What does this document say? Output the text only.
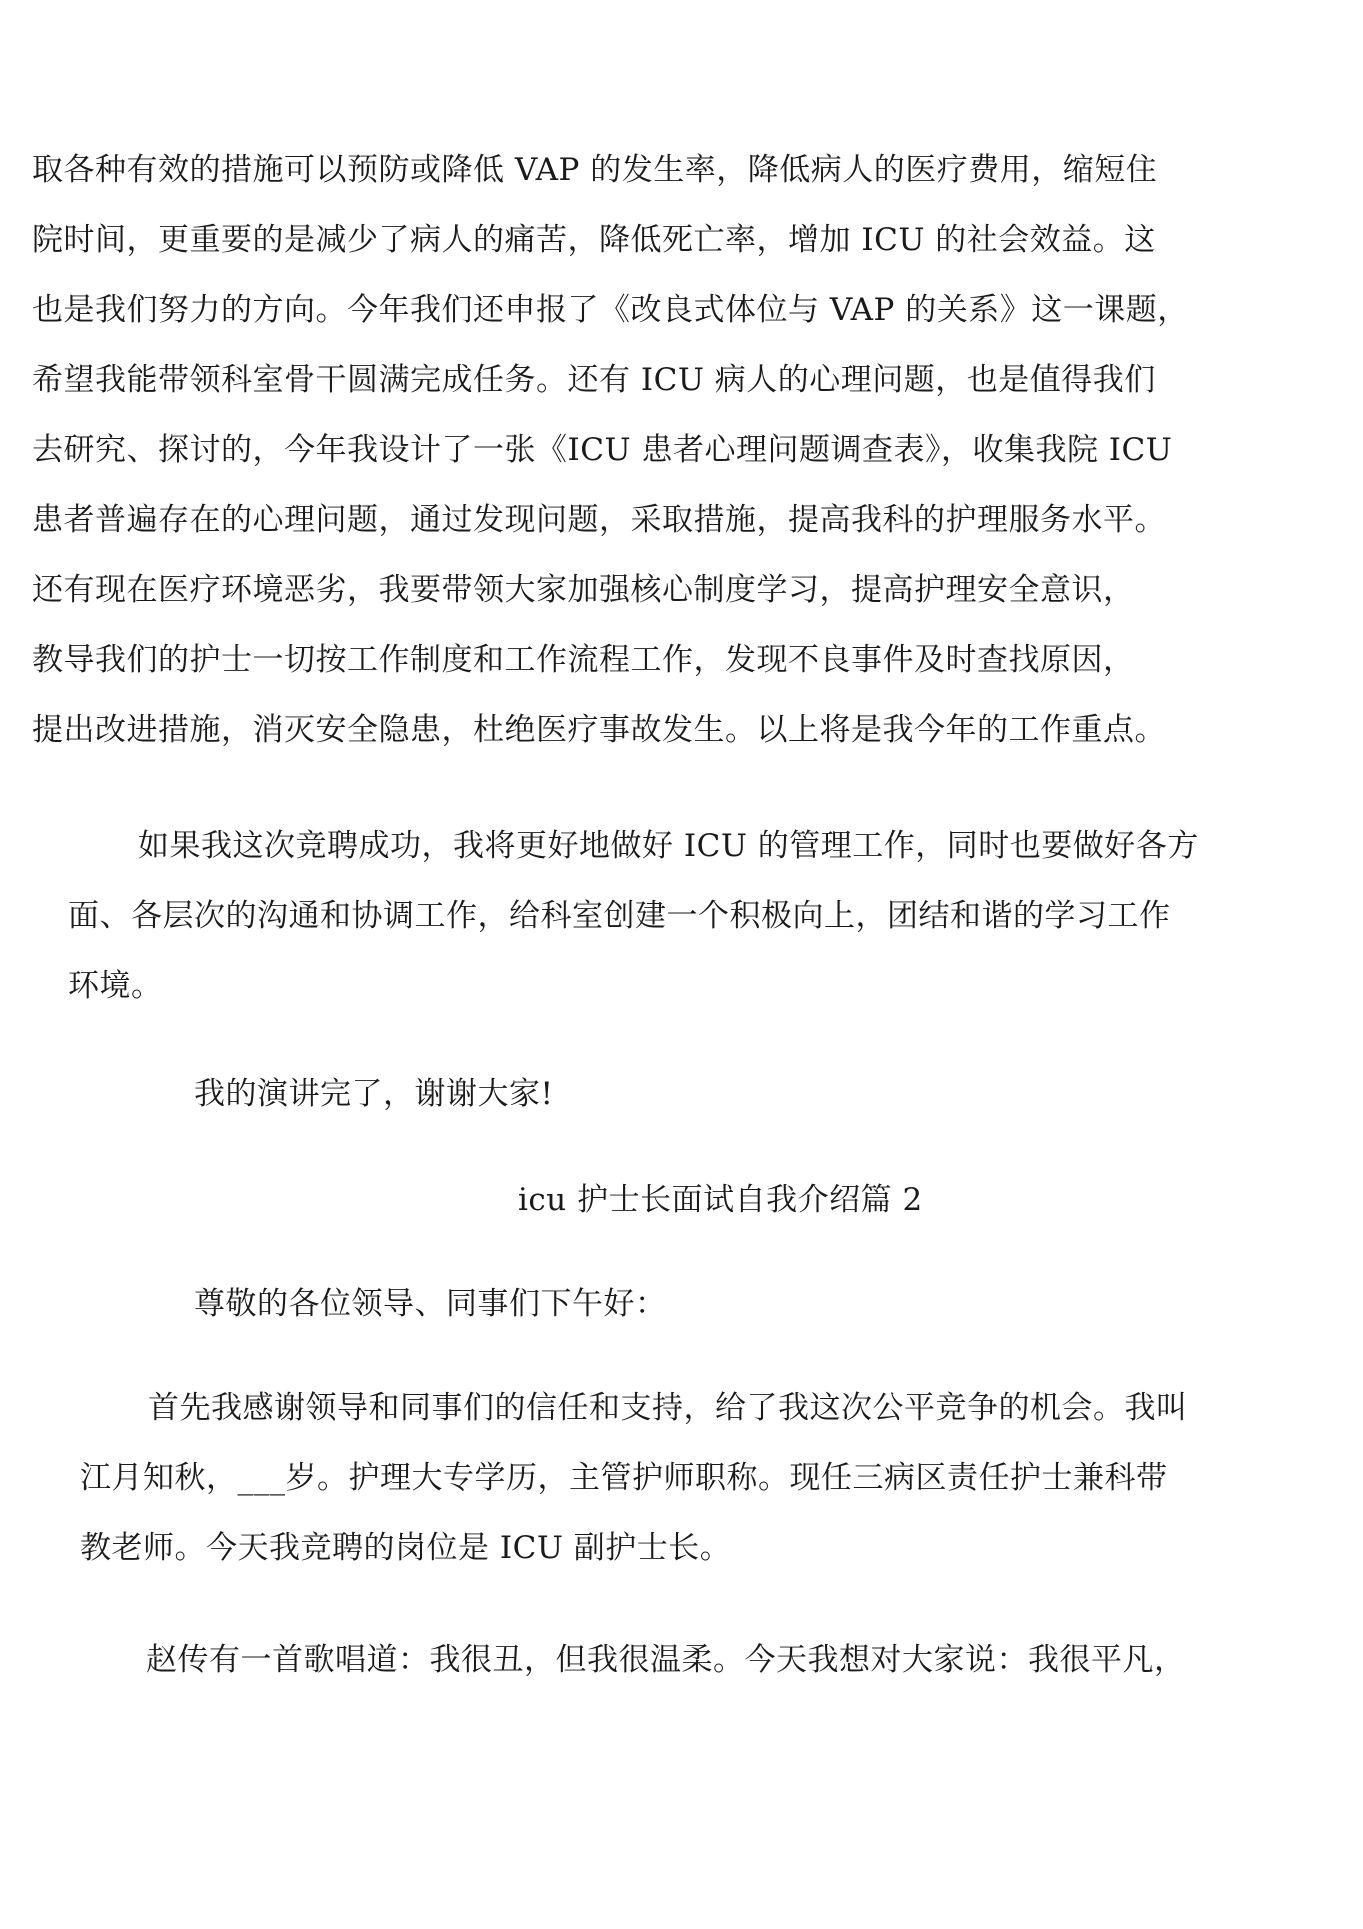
取各种有效的措施可以预防或降低 VAP 的发生率，降低病人的医疗费用，缩短住
院时间，更重要的是减少了病人的痛苦，降低死亡率，增加 ICU 的社会效益。这
也是我们努力的方向。今年我们还申报了《改良式体位与 VAP 的关系》这一课题，
希望我能带领科室骨干圆满完成任务。还有 ICU 病人的心理问题，也是值得我们
去研究、探讨的，今年我设计了一张《ICU 患者心理问题调查表》，收集我院 ICU
患者普遍存在的心理问题，通过发现问题，采取措施，提高我科的护理服务水平。
还有现在医疗环境恶劣，我要带领大家加强核心制度学习，提高护理安全意识，
教导我们的护士一切按工作制度和工作流程工作，发现不良事件及时查找原因，
提出改进措施，消灭安全隐患，杜绝医疗事故发生。以上将是我今年的工作重点。
如果我这次竞聘成功，我将更好地做好 ICU 的管理工作，同时也要做好各方
面、各层次的沟通和协调工作，给科室创建一个积极向上，团结和谐的学习工作
环境。
我的演讲完了，谢谢大家!
icu 护士长面试自我介绍篇 2
尊敬的各位领导、同事们下午好：
首先我感谢领导和同事们的信任和支持，给了我这次公平竞争的机会。我叫
江月知秋，___岁。护理大专学历，主管护师职称。现任三病区责任护士兼科带
教老师。今天我竞聘的岗位是 ICU 副护士长。
赵传有一首歌唱道：我很丑，但我很温柔。今天我想对大家说：我很平凡，
